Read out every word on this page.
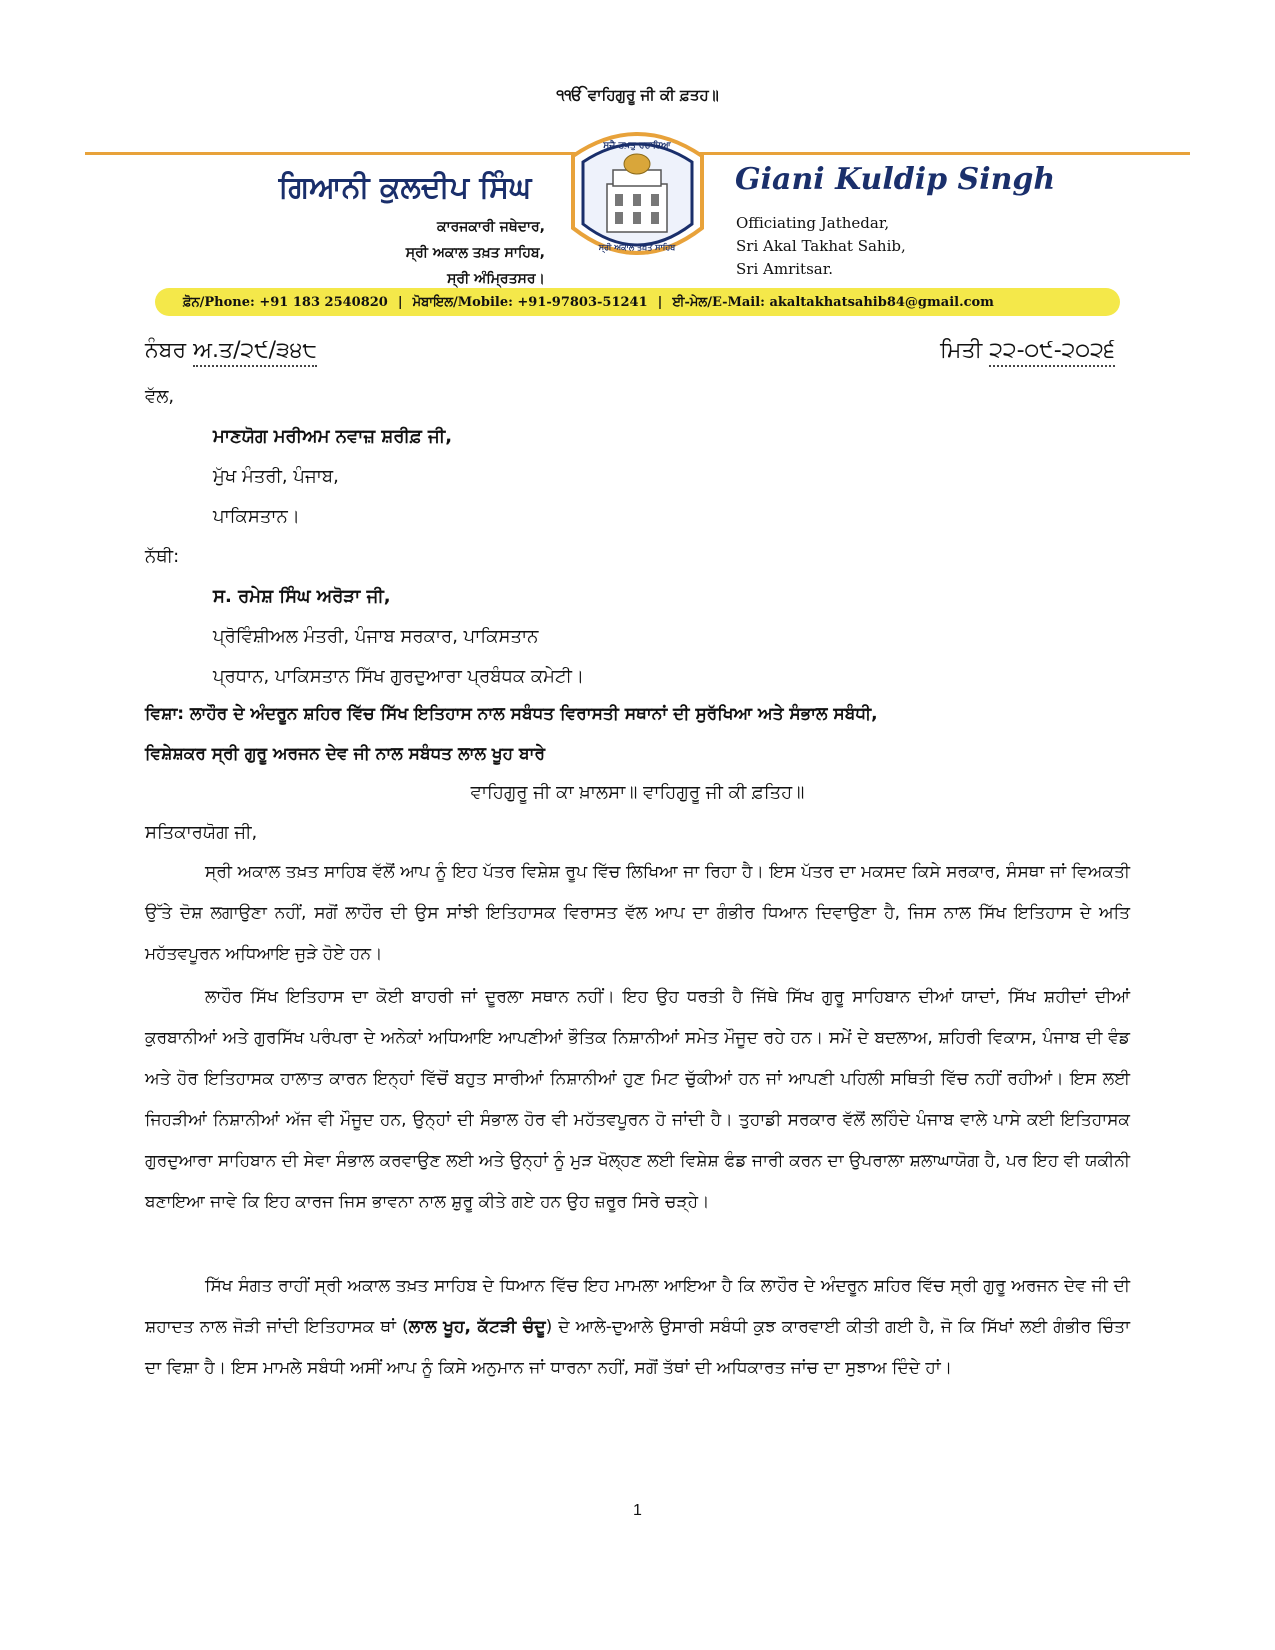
੧ੴ ਵਾਹਿਗੁਰੂ ਜੀ ਕੀ ਫ਼ਤਹ॥
ਸਚੈ ਤਖ਼ਤੁ ਰਚਾਇਆ
ਸ੍ਰੀ ਅਕਾਲ ਤਖ਼ਤ ਸਾਹਿਬ
ਗਿਆਨੀ ਕੁਲਦੀਪ ਸਿੰਘ	Giani Kuldip Singh
ਕਾਰਜਕਾਰੀ ਜਥੇਦਾਰ,
ਸ੍ਰੀ ਅਕਾਲ ਤਖ਼ਤ ਸਾਹਿਬ,
ਸ੍ਰੀ ਅੰਮ੍ਰਿਤਸਰ।
Officiating Jathedar,
Sri Akal Takhat Sahib,
Sri Amritsar.
ਫ਼ੋਨ/Phone: +91 183 2540820 | ਮੋਬਾਇਲ/Mobile: +91-97803-51241 | ਈ-ਮੇਲ/E-Mail: akaltakhatsahib84@gmail.com
ਨੰਬਰ ਅ.ਤ/੨੯/੩੪੮	ਮਿਤੀ ੨੨-੦੯-੨੦੨੬
ਵੱਲ,
ਮਾਣਯੋਗ ਮਰੀਅਮ ਨਵਾਜ਼ ਸ਼ਰੀਫ਼ ਜੀ,
ਮੁੱਖ ਮੰਤਰੀ, ਪੰਜਾਬ,
ਪਾਕਿਸਤਾਨ।
ਨੱਥੀ:
ਸ. ਰਮੇਸ਼ ਸਿੰਘ ਅਰੋੜਾ ਜੀ,
ਪ੍ਰੋਵਿੰਸ਼ੀਅਲ ਮੰਤਰੀ, ਪੰਜਾਬ ਸਰਕਾਰ, ਪਾਕਿਸਤਾਨ
ਪ੍ਰਧਾਨ, ਪਾਕਿਸਤਾਨ ਸਿੱਖ ਗੁਰਦੁਆਰਾ ਪ੍ਰਬੰਧਕ ਕਮੇਟੀ।
ਵਿਸ਼ਾ: ਲਾਹੌਰ ਦੇ ਅੰਦਰੂਨ ਸ਼ਹਿਰ ਵਿੱਚ ਸਿੱਖ ਇਤਿਹਾਸ ਨਾਲ ਸਬੰਧਤ ਵਿਰਾਸਤੀ ਸਥਾਨਾਂ ਦੀ ਸੁਰੱਖਿਆ ਅਤੇ ਸੰਭਾਲ ਸਬੰਧੀ,
ਵਿਸ਼ੇਸ਼ਕਰ ਸ੍ਰੀ ਗੁਰੂ ਅਰਜਨ ਦੇਵ ਜੀ ਨਾਲ ਸਬੰਧਤ ਲਾਲ ਖੂਹ ਬਾਰੇ
ਵਾਹਿਗੁਰੂ ਜੀ ਕਾ ਖ਼ਾਲਸਾ॥ ਵਾਹਿਗੁਰੂ ਜੀ ਕੀ ਫ਼ਤਿਹ॥
ਸਤਿਕਾਰਯੋਗ ਜੀ,
ਸ੍ਰੀ ਅਕਾਲ ਤਖ਼ਤ ਸਾਹਿਬ ਵੱਲੋਂ ਆਪ ਨੂੰ ਇਹ ਪੱਤਰ ਵਿਸ਼ੇਸ਼ ਰੂਪ ਵਿੱਚ ਲਿਖਿਆ ਜਾ ਰਿਹਾ ਹੈ। ਇਸ ਪੱਤਰ ਦਾ ਮਕਸਦ ਕਿਸੇ ਸਰਕਾਰ, ਸੰਸਥਾ ਜਾਂ ਵਿਅਕਤੀ ਉੱਤੇ ਦੋਸ਼ ਲਗਾਉਣਾ ਨਹੀਂ, ਸਗੋਂ ਲਾਹੌਰ ਦੀ ਉਸ ਸਾਂਝੀ ਇਤਿਹਾਸਕ ਵਿਰਾਸਤ ਵੱਲ ਆਪ ਦਾ ਗੰਭੀਰ ਧਿਆਨ ਦਿਵਾਉਣਾ ਹੈ, ਜਿਸ ਨਾਲ ਸਿੱਖ ਇਤਿਹਾਸ ਦੇ ਅਤਿ ਮਹੱਤਵਪੂਰਨ ਅਧਿਆਇ ਜੁੜੇ ਹੋਏ ਹਨ।
ਲਾਹੌਰ ਸਿੱਖ ਇਤਿਹਾਸ ਦਾ ਕੋਈ ਬਾਹਰੀ ਜਾਂ ਦੂਰਲਾ ਸਥਾਨ ਨਹੀਂ। ਇਹ ਉਹ ਧਰਤੀ ਹੈ ਜਿੱਥੇ ਸਿੱਖ ਗੁਰੂ ਸਾਹਿਬਾਨ ਦੀਆਂ ਯਾਦਾਂ, ਸਿੱਖ ਸ਼ਹੀਦਾਂ ਦੀਆਂ ਕੁਰਬਾਨੀਆਂ ਅਤੇ ਗੁਰਸਿੱਖ ਪਰੰਪਰਾ ਦੇ ਅਨੇਕਾਂ ਅਧਿਆਇ ਆਪਣੀਆਂ ਭੌਤਿਕ ਨਿਸ਼ਾਨੀਆਂ ਸਮੇਤ ਮੌਜੂਦ ਰਹੇ ਹਨ। ਸਮੇਂ ਦੇ ਬਦਲਾਅ, ਸ਼ਹਿਰੀ ਵਿਕਾਸ, ਪੰਜਾਬ ਦੀ ਵੰਡ ਅਤੇ ਹੋਰ ਇਤਿਹਾਸਕ ਹਾਲਾਤ ਕਾਰਨ ਇਨ੍ਹਾਂ ਵਿੱਚੋਂ ਬਹੁਤ ਸਾਰੀਆਂ ਨਿਸ਼ਾਨੀਆਂ ਹੁਣ ਮਿਟ ਚੁੱਕੀਆਂ ਹਨ ਜਾਂ ਆਪਣੀ ਪਹਿਲੀ ਸਥਿਤੀ ਵਿੱਚ ਨਹੀਂ ਰਹੀਆਂ। ਇਸ ਲਈ ਜਿਹੜੀਆਂ ਨਿਸ਼ਾਨੀਆਂ ਅੱਜ ਵੀ ਮੌਜੂਦ ਹਨ, ਉਨ੍ਹਾਂ ਦੀ ਸੰਭਾਲ ਹੋਰ ਵੀ ਮਹੱਤਵਪੂਰਨ ਹੋ ਜਾਂਦੀ ਹੈ। ਤੁਹਾਡੀ ਸਰਕਾਰ ਵੱਲੋਂ ਲਹਿੰਦੇ ਪੰਜਾਬ ਵਾਲੇ ਪਾਸੇ ਕਈ ਇਤਿਹਾਸਕ ਗੁਰਦੁਆਰਾ ਸਾਹਿਬਾਨ ਦੀ ਸੇਵਾ ਸੰਭਾਲ ਕਰਵਾਉਣ ਲਈ ਅਤੇ ਉਨ੍ਹਾਂ ਨੂੰ ਮੁੜ ਖੋਲ੍ਹਣ ਲਈ ਵਿਸ਼ੇਸ਼ ਫੰਡ ਜਾਰੀ ਕਰਨ ਦਾ ਉਪਰਾਲਾ ਸ਼ਲਾਘਾਯੋਗ ਹੈ, ਪਰ ਇਹ ਵੀ ਯਕੀਨੀ ਬਣਾਇਆ ਜਾਵੇ ਕਿ ਇਹ ਕਾਰਜ ਜਿਸ ਭਾਵਨਾ ਨਾਲ ਸ਼ੁਰੂ ਕੀਤੇ ਗਏ ਹਨ ਉਹ ਜ਼ਰੂਰ ਸਿਰੇ ਚੜ੍ਹੇ।
ਸਿੱਖ ਸੰਗਤ ਰਾਹੀਂ ਸ੍ਰੀ ਅਕਾਲ ਤਖ਼ਤ ਸਾਹਿਬ ਦੇ ਧਿਆਨ ਵਿੱਚ ਇਹ ਮਾਮਲਾ ਆਇਆ ਹੈ ਕਿ ਲਾਹੌਰ ਦੇ ਅੰਦਰੂਨ ਸ਼ਹਿਰ ਵਿੱਚ ਸ੍ਰੀ ਗੁਰੂ ਅਰਜਨ ਦੇਵ ਜੀ ਦੀ ਸ਼ਹਾਦਤ ਨਾਲ ਜੋੜੀ ਜਾਂਦੀ ਇਤਿਹਾਸਕ ਥਾਂ (ਲਾਲ ਖੂਹ, ਕੱਟੜੀ ਚੰਦੂ) ਦੇ ਆਲੇ-ਦੁਆਲੇ ਉਸਾਰੀ ਸਬੰਧੀ ਕੁਝ ਕਾਰਵਾਈ ਕੀਤੀ ਗਈ ਹੈ, ਜੋ ਕਿ ਸਿੱਖਾਂ ਲਈ ਗੰਭੀਰ ਚਿੰਤਾ ਦਾ ਵਿਸ਼ਾ ਹੈ। ਇਸ ਮਾਮਲੇ ਸਬੰਧੀ ਅਸੀਂ ਆਪ ਨੂੰ ਕਿਸੇ ਅਨੁਮਾਨ ਜਾਂ ਧਾਰਨਾ ਨਹੀਂ, ਸਗੋਂ ਤੱਥਾਂ ਦੀ ਅਧਿਕਾਰਤ ਜਾਂਚ ਦਾ ਸੁਝਾਅ ਦਿੰਦੇ ਹਾਂ।
1
